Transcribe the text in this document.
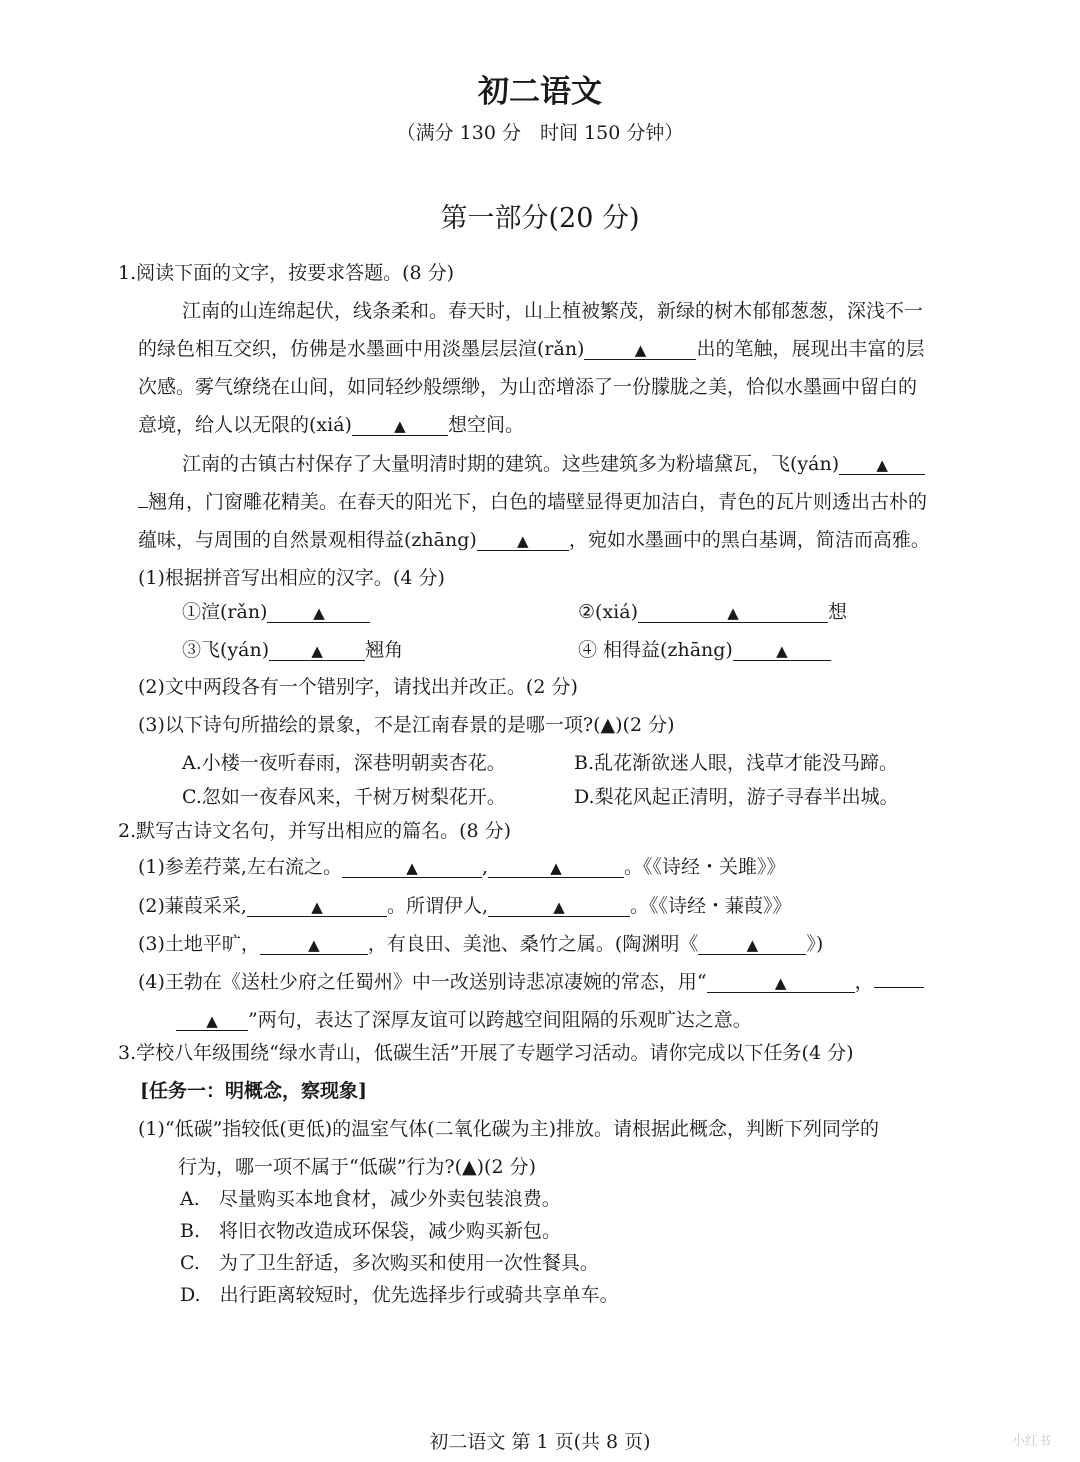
初二语文
（满分 130 分　时间 150 分钟）
第一部分(20 分)
1.阅读下面的文字，按要求答题。(8 分)
江南的山连绵起伏，线条柔和。春天时，山上植被繁茂，新绿的树木郁郁葱葱，深浅不一
的绿色相互交织，仿佛是水墨画中用淡墨层层渲(rǎn)	▲	出的笔触，展现出丰富的层
次感。雾气缭绕在山间，如同轻纱般缥缈，为山峦增添了一份朦胧之美，恰似水墨画中留白的
意境，给人以无限的(xiá)	▲ 想空间。
江南的古镇古村保存了大量明清时期的建筑。这些建筑多为粉墙黛瓦，飞(yán) ▲
翘角，门窗雕花精美。在春天的阳光下，白色的墙壁显得更加洁白，青色的瓦片则透出古朴的
蕴味，与周围的自然景观相得益(zhāng)	▲ ，宛如水墨画中的黑白基调，简洁而高雅。
(1)根据拼音写出相应的汉字。(4 分)
①渲(rǎn)	▲	②(xiá)	▲	想
③飞(yán)	▲ 翘角	④ 相得益(zhāng)	▲
(2)文中两段各有一个错别字，请找出并改正。(2 分)
(3)以下诗句所描绘的景象，不是江南春景的是哪一项?(▲)(2 分)
A.小楼一夜听春雨，深巷明朝卖杏花。	B.乱花渐欲迷人眼，浅草才能没马蹄。
C.忽如一夜春风来，千树万树梨花开。	D.梨花风起正清明，游子寻春半出城。
2.默写古诗文名句，并写出相应的篇名。(8 分)
(1)参差荇菜,左右流之。	▲	,	▲	。《《诗经・关雎》》
(2)蒹葭采采,	▲	。所谓伊人,	▲	。《《诗经・蒹葭》》
(3)土地平旷，	▲	，有良田、美池、桑竹之属。(陶渊明《	▲	》)
(4)王勃在《送杜少府之任蜀州》中一改送别诗悲凉凄婉的常态，用“	▲	，
▲ ”两句，表达了深厚友谊可以跨越空间阻隔的乐观旷达之意。
3.学校八年级围绕“绿水青山，低碳生活”开展了专题学习活动。请你完成以下任务(4 分)
[任务一：明概念，察现象]
(1)“低碳”指较低(更低)的温室气体(二氧化碳为主)排放。请根据此概念，判断下列同学的
行为，哪一项不属于“低碳”行为?(▲)(2 分)
A.　尽量购买本地食材，减少外卖包装浪费。
B.　将旧衣物改造成环保袋，减少购买新包。
C.　为了卫生舒适，多次购买和使用一次性餐具。
D.　出行距离较短时，优先选择步行或骑共享单车。
初二语文 第 1 页(共 8 页)	小红书
